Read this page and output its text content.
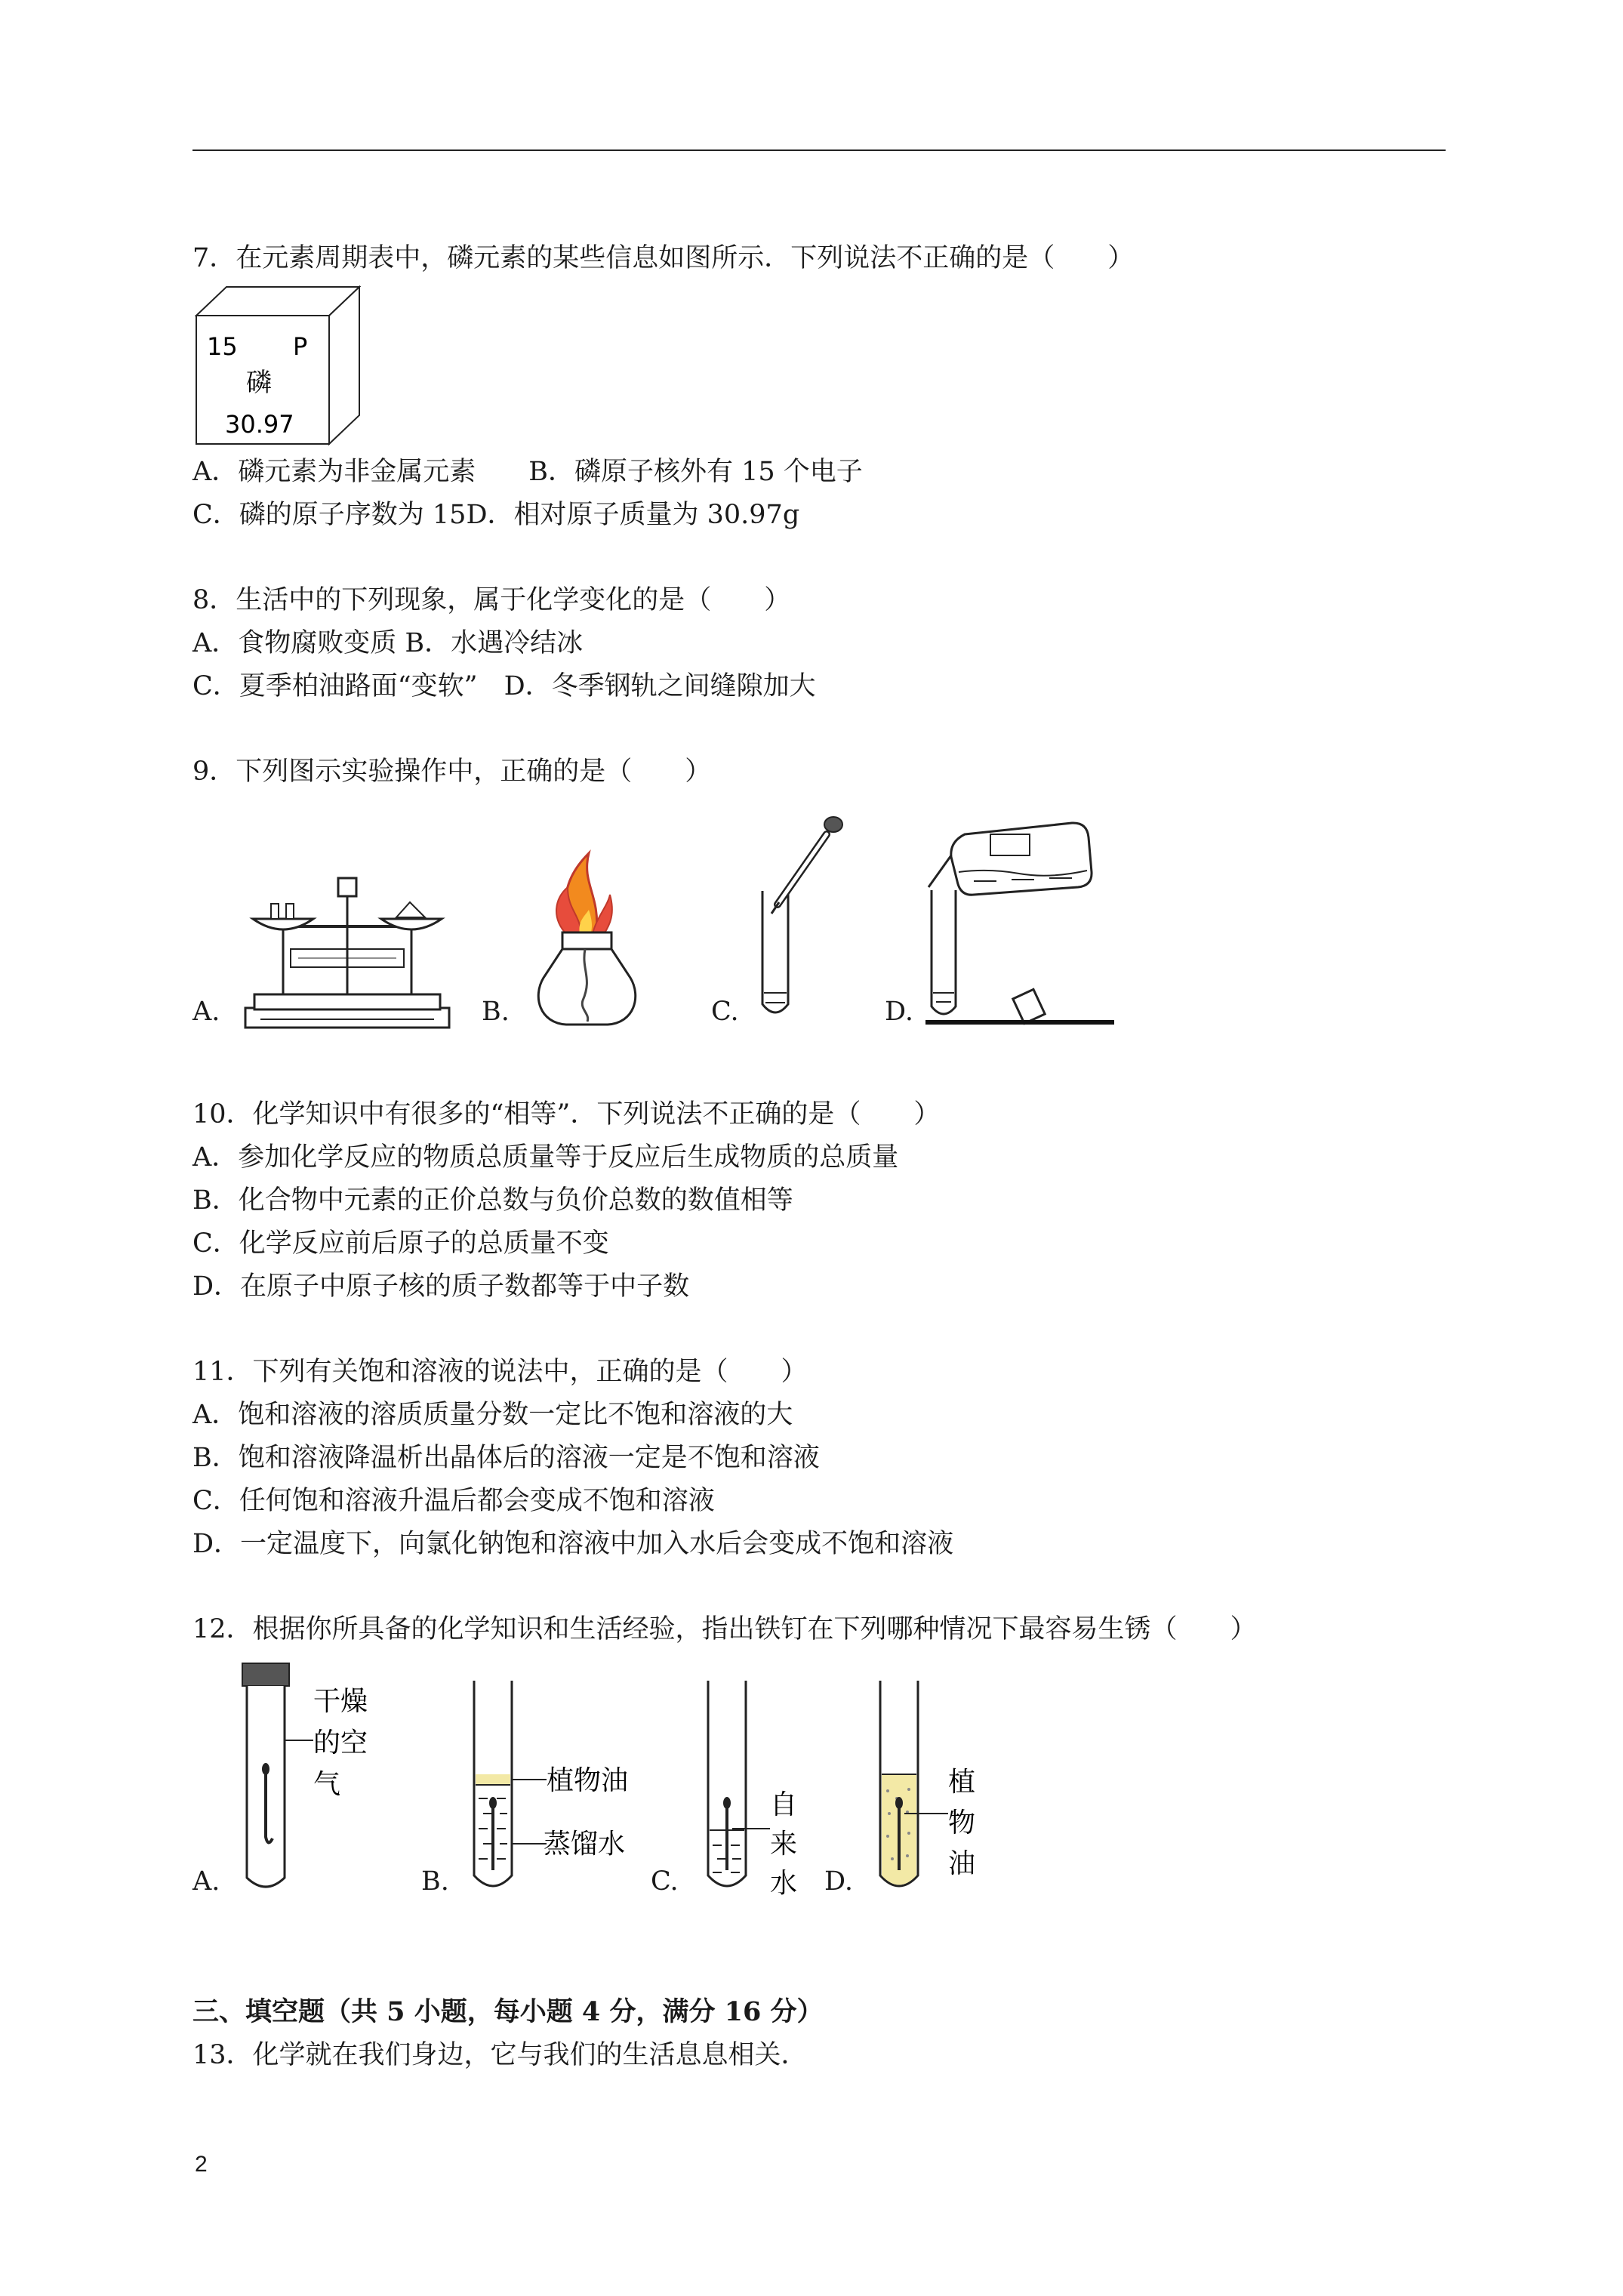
7．在元素周期表中，磷元素的某些信息如图所示．下列说法不正确的是（　　）
15 P
磷
30.97
A．磷元素为非金属元素　　B．磷原子核外有 15 个电子
C．磷的原子序数为 15D．相对原子质量为 30.97g
8．生活中的下列现象，属于化学变化的是（　　）
A．食物腐败变质 B．水遇冷结冰
C．夏季柏油路面“变软”　D．冬季钢轨之间缝隙加大
9．下列图示实验操作中，正确的是（　　）
A.	B.	C.	D.
10．化学知识中有很多的“相等”．下列说法不正确的是（　　）
A．参加化学反应的物质总质量等于反应后生成物质的总质量
B．化合物中元素的正价总数与负价总数的数值相等
C．化学反应前后原子的总质量不变
D．在原子中原子核的质子数都等于中子数
11．下列有关饱和溶液的说法中，正确的是（　　）
A．饱和溶液的溶质质量分数一定比不饱和溶液的大
B．饱和溶液降温析出晶体后的溶液一定是不饱和溶液
C．任何饱和溶液升温后都会变成不饱和溶液
D．一定温度下，向氯化钠饱和溶液中加入水后会变成不饱和溶液
12．根据你所具备的化学知识和生活经验，指出铁钉在下列哪种情况下最容易生锈（　　）
干燥
的空
气	植物油
蒸馏水
自
来
水
植
物
油
A.	B.	C.	D.
三、填空题（共 5 小题，每小题 4 分，满分 16 分）
13．化学就在我们身边，它与我们的生活息息相关．
2
